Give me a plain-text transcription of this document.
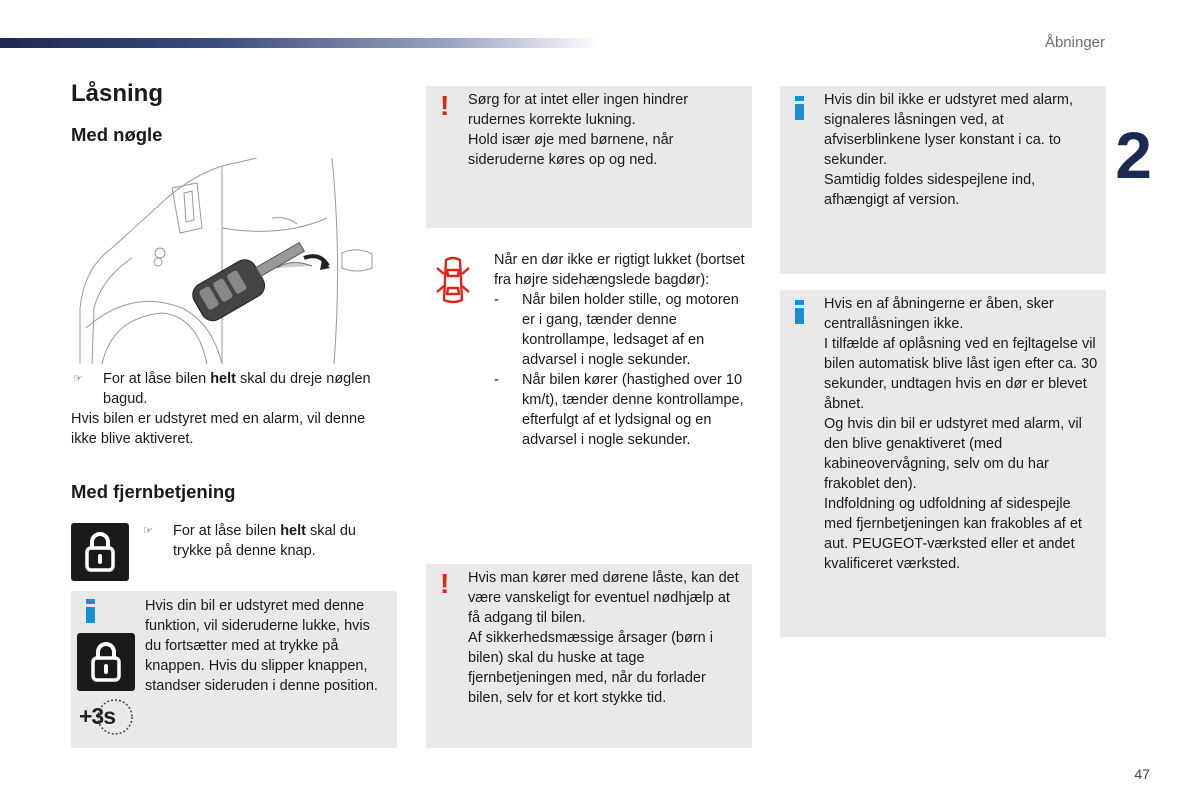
Åbninger
2
47
Låsning
Med nøgle
☞	For at låse bilen helt skal du dreje nøglen bagud.
Hvis bilen er udstyret med en alarm, vil denne ikke blive aktiveret.
Med fjernbetjening
☞	For at låse bilen helt skal du trykke på denne knap.
+3s
Hvis din bil er udstyret med denne funktion, vil sideruderne lukke, hvis du fortsætter med at trykke på knappen. Hvis du slipper knappen, standser sideruden i denne position.
! Sørg for at intet eller ingen hindrer rudernes korrekte lukning.
Hold især øje med børnene, når sideruderne køres op og ned.
Når en dør ikke er rigtigt lukket (bortset fra højre sidehængslede bagdør):
-	Når bilen holder stille, og motoren er i gang, tænder denne kontrollampe, ledsaget af en advarsel i nogle sekunder.
-	Når bilen kører (hastighed over 10 km/t), tænder denne kontrollampe, efterfulgt af et lydsignal og en advarsel i nogle sekunder.
! Hvis man kører med dørene låste, kan det være vanskeligt for eventuel nødhjælp at få adgang til bilen.
Af sikkerhedsmæssige årsager (børn i bilen) skal du huske at tage fjernbetjeningen med, når du forlader bilen, selv for et kort stykke tid.
Hvis din bil ikke er udstyret med alarm, signaleres låsningen ved, at afviserblinkene lyser konstant i ca. to sekunder.
Samtidig foldes sidespejlene ind, afhængigt af version.
Hvis en af åbningerne er åben, sker centrallåsningen ikke.
I tilfælde af oplåsning ved en fejltagelse vil bilen automatisk blive låst igen efter ca. 30 sekunder, undtagen hvis en dør er blevet åbnet.
Og hvis din bil er udstyret med alarm, vil den blive genaktiveret (med kabineovervågning, selv om du har frakoblet den).
Indfoldning og udfoldning af sidespejle med fjernbetjeningen kan frakobles af et aut. PEUGEOT-værksted eller et andet kvalificeret værksted.
